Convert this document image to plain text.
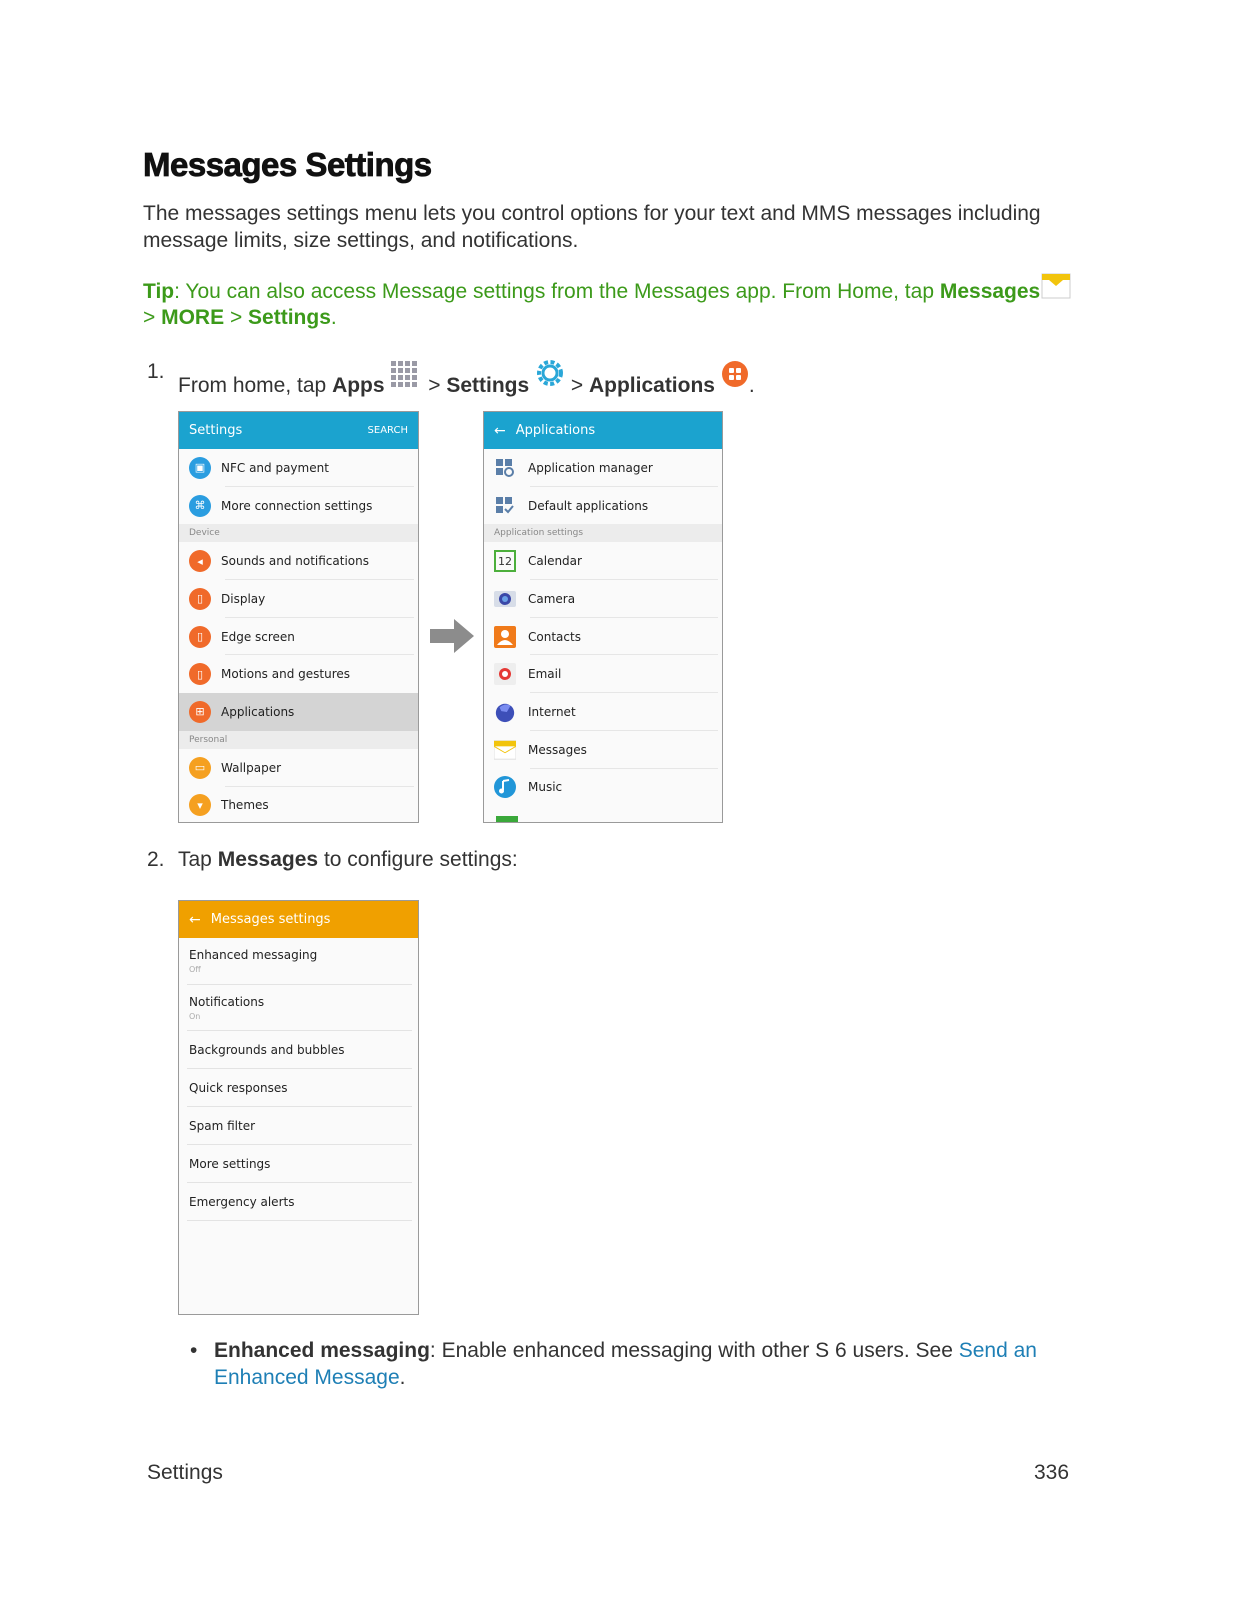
Messages Settings
The messages settings menu lets you control options for your text and MMS messages including message limits, size settings, and notifications.
Tip: You can also access Message settings from the Messages app. From Home, tap Messages

> MORE > Settings.
1.
From home, tap Apps  > Settings  > Applications .
Settings	SEARCH
▣	NFC and payment
⌘	More connection settings
Device
◂	Sounds and notifications
▯	Display
▯	Edge screen
▯	Motions and gestures
⊞	Applications
Personal
▭	Wallpaper
▾	Themes
← Applications
Application manager
Default applications
Application settings
12 Calendar
Camera
Contacts
Email
Internet
Messages
Music
2. Tap Messages to configure settings:
← Messages settings
Enhanced messaging
Off
Notifications
On
Backgrounds and bubbles
Quick responses
Spam filter
More settings
Emergency alerts
• Enhanced messaging: Enable enhanced messaging with other S 6 users. See Send an Enhanced Message.
Settings	336
